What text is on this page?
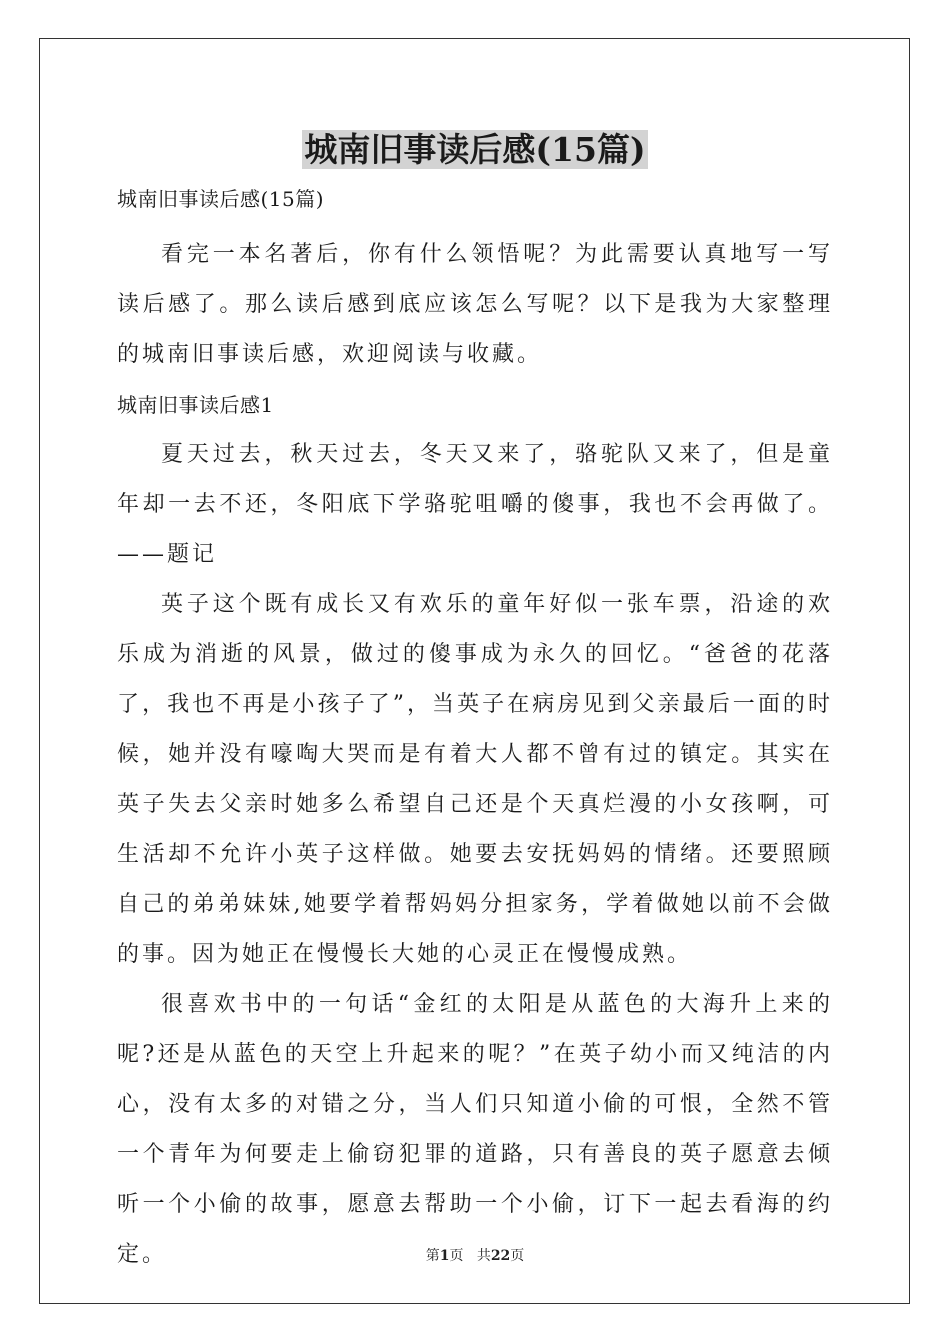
城南旧事读后感(15篇)
城南旧事读后感(15篇)

看完一本名著后，你有什么领悟呢？为此需要认真地写一写读后感了。那么读后感到底应该怎么写呢？以下是我为大家整理的城南旧事读后感，欢迎阅读与收藏。

城南旧事读后感1

夏天过去，秋天过去，冬天又来了，骆驼队又来了，但是童年却一去不还，冬阳底下学骆驼咀嚼的傻事，我也不会再做了。——题记

英子这个既有成长又有欢乐的童年好似一张车票，沿途的欢乐成为消逝的风景，做过的傻事成为永久的回忆。“爸爸的花落了，我也不再是小孩子了”，当英子在病房见到父亲最后一面的时候，她并没有嚎啕大哭而是有着大人都不曾有过的镇定。其实在英子失去父亲时她多么希望自己还是个天真烂漫的小女孩啊，可生活却不允许小英子这样做。她要去安抚妈妈的情绪。还要照顾自己的弟弟妹妹,她要学着帮妈妈分担家务，学着做她以前不会做的事。因为她正在慢慢长大她的心灵正在慢慢成熟。

很喜欢书中的一句话“金红的太阳是从蓝色的大海升上来的呢?还是从蓝色的天空上升起来的呢？”在英子幼小而又纯洁的内心，没有太多的对错之分，当人们只知道小偷的可恨，全然不管一个青年为何要走上偷窃犯罪的道路，只有善良的英子愿意去倾听一个小偷的故事，愿意去帮助一个小偷，订下一起去看海的约定。	第1页 共22页
